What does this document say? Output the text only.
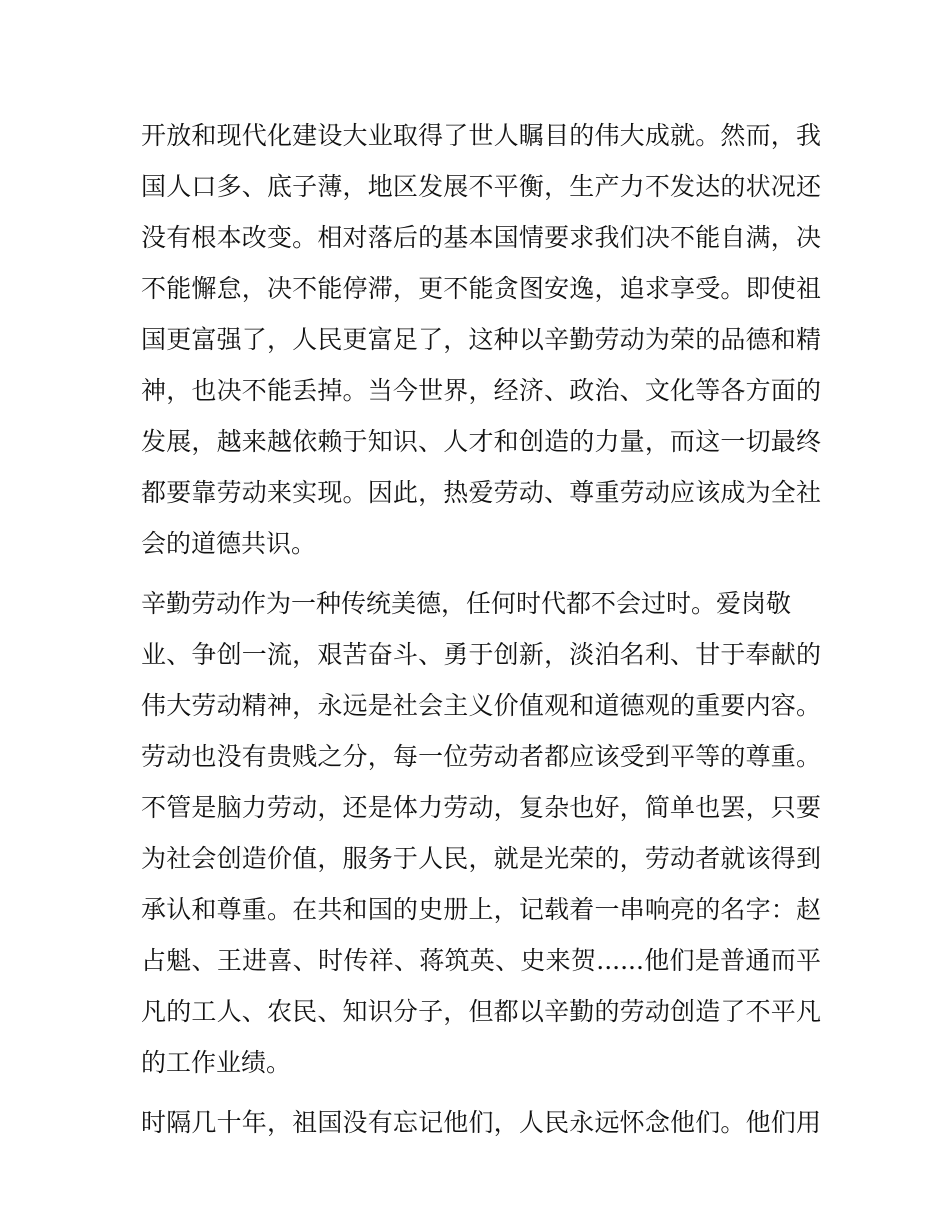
开放和现代化建设大业取得了世人瞩目的伟大成就。然而，我
国人口多、底子薄，地区发展不平衡，生产力不发达的状况还
没有根本改变。相对落后的基本国情要求我们决不能自满，决
不能懈怠，决不能停滞，更不能贪图安逸，追求享受。即使祖
国更富强了，人民更富足了，这种以辛勤劳动为荣的品德和精
神，也决不能丢掉。当今世界，经济、政治、文化等各方面的
发展，越来越依赖于知识、人才和创造的力量，而这一切最终
都要靠劳动来实现。因此，热爱劳动、尊重劳动应该成为全社
会的道德共识。
辛勤劳动作为一种传统美德，任何时代都不会过时。爱岗敬
业、争创一流，艰苦奋斗、勇于创新，淡泊名利、甘于奉献的
伟大劳动精神，永远是社会主义价值观和道德观的重要内容。
劳动也没有贵贱之分，每一位劳动者都应该受到平等的尊重。
不管是脑力劳动，还是体力劳动，复杂也好，简单也罢，只要
为社会创造价值，服务于人民，就是光荣的，劳动者就该得到
承认和尊重。在共和国的史册上，记载着一串响亮的名字：赵
占魁、王进喜、时传祥、蒋筑英、史来贺......他们是普通而平
凡的工人、农民、知识分子，但都以辛勤的劳动创造了不平凡
的工作业绩。
时隔几十年，祖国没有忘记他们，人民永远怀念他们。他们用
